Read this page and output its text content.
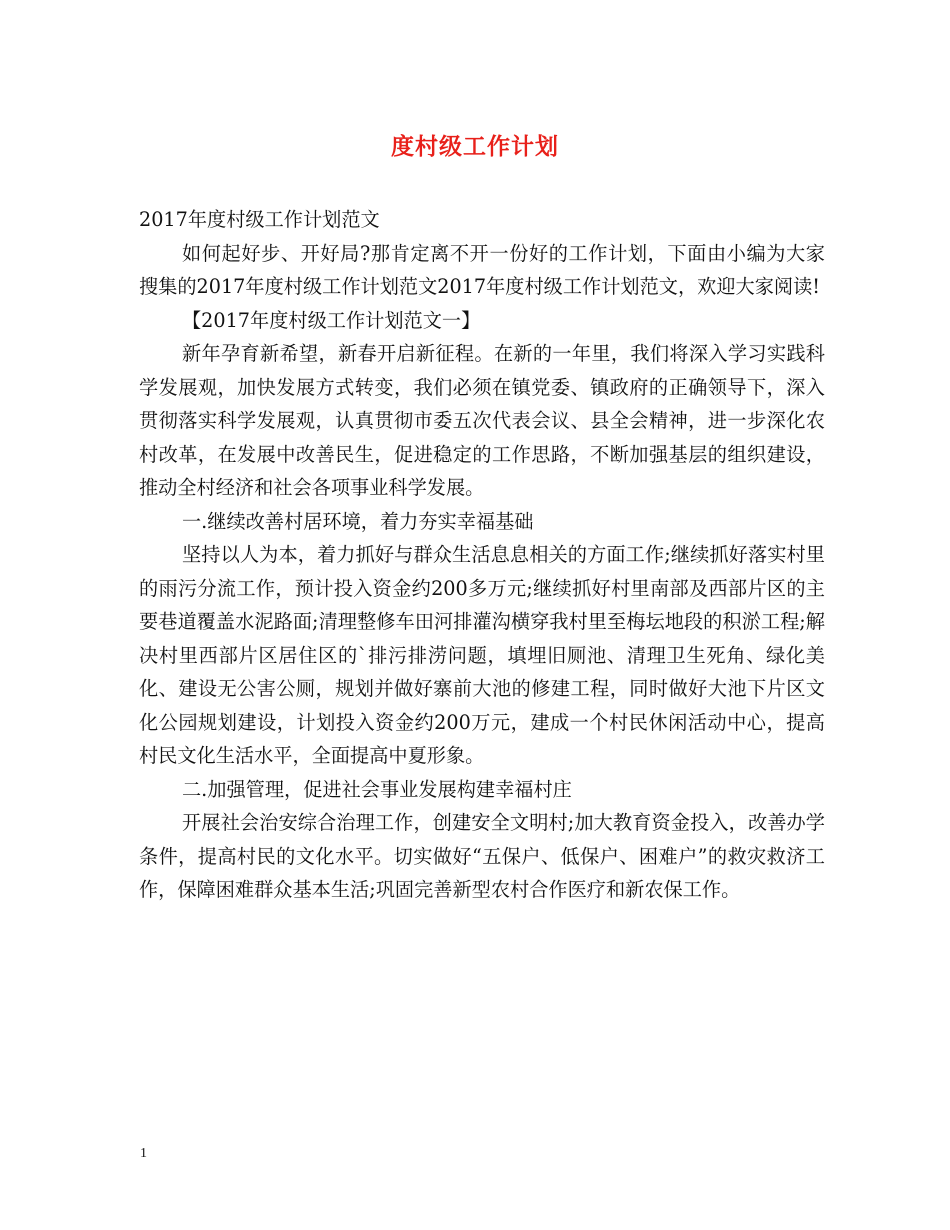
度村级工作计划

2017年度村级工作计划范文

如何起好步、开好局?那肯定离不开一份好的工作计划，下面由小编为大家搜集的2017年度村级工作计划范文2017年度村级工作计划范文，欢迎大家阅读!

【2017年度村级工作计划范文一】

新年孕育新希望，新春开启新征程。在新的一年里，我们将深入学习实践科学发展观，加快发展方式转变，我们必须在镇党委、镇政府的正确领导下，深入贯彻落实科学发展观，认真贯彻市委五次代表会议、县全会精神，进一步深化农村改革，在发展中改善民生，促进稳定的工作思路，不断加强基层的组织建设，推动全村经济和社会各项事业科学发展。

一.继续改善村居环境，着力夯实幸福基础

坚持以人为本，着力抓好与群众生活息息相关的方面工作;继续抓好落实村里的雨污分流工作，预计投入资金约200多万元;继续抓好村里南部及西部片区的主要巷道覆盖水泥路面;清理整修车田河排灌沟横穿我村里至梅坛地段的积淤工程;解决村里西部片区居住区的`排污排涝问题，填埋旧厕池、清理卫生死角、绿化美化、建设无公害公厕，规划并做好寨前大池的修建工程，同时做好大池下片区文化公园规划建设，计划投入资金约200万元，建成一个村民休闲活动中心，提高村民文化生活水平，全面提高中夏形象。

二.加强管理，促进社会事业发展构建幸福村庄

开展社会治安综合治理工作，创建安全文明村;加大教育资金投入，改善办学条件，提高村民的文化水平。切实做好“五保户、低保户、困难户”的救灾救济工作，保障困难群众基本生活;巩固完善新型农村合作医疗和新农保工作。

1
